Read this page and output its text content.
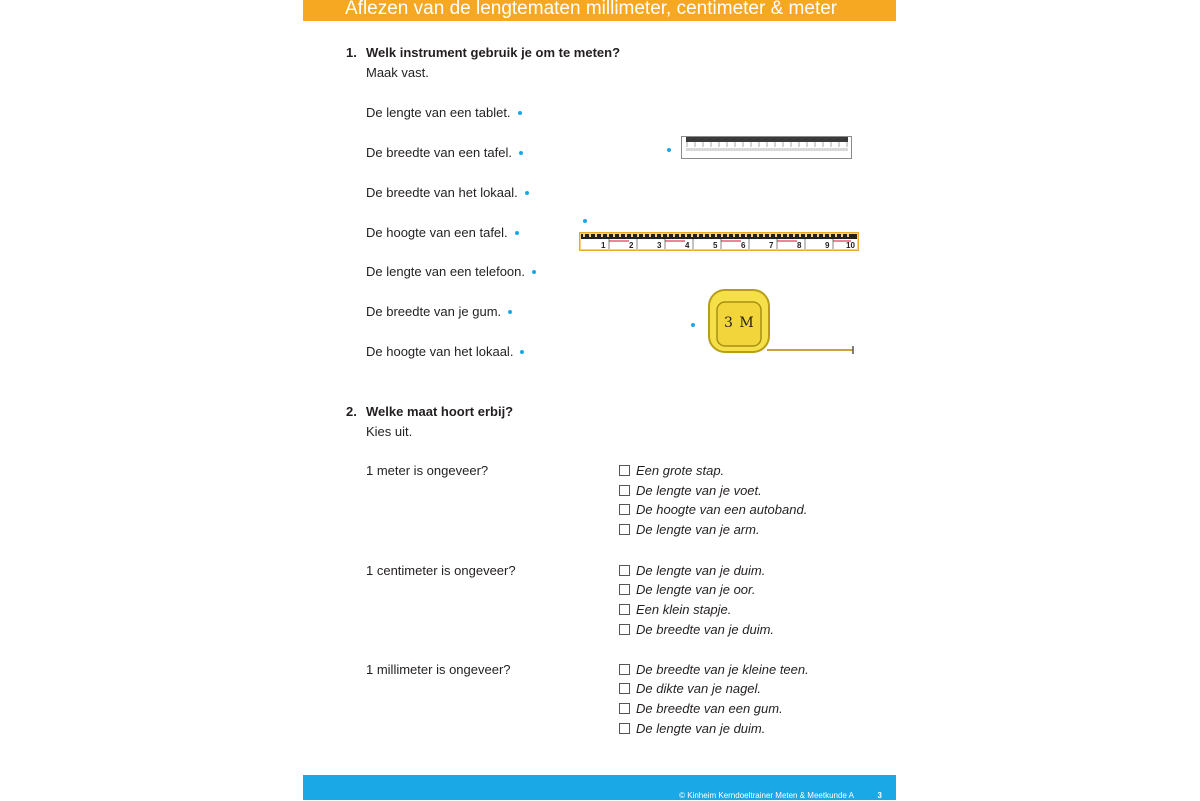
Aflezen van de lengtematen millimeter, centimeter & meter
1. Welk instrument gebruik je om te meten?
Maak vast.
De lengte van een tablet.
De breedte van een tafel.
De breedte van het lokaal.
De hoogte van een tafel.
De lengte van een telefoon.
De breedte van je gum.
De hoogte van het lokaal.
1	2	3	4	5	6	7	8	9 10
3 M
2. Welke maat hoort erbij?
Kies uit.
1 meter is ongeveer?	Een grote stap.
De lengte van je voet.
De hoogte van een autoband.
De lengte van je arm.
1 centimeter is ongeveer?	De lengte van je duim.
De lengte van je oor.
Een klein stapje.
De breedte van je duim.
1 millimeter is ongeveer?	De breedte van je kleine teen.
De dikte van je nagel.
De breedte van een gum.
De lengte van je duim.
© Kinheim Kerndoeltrainer Meten & Meetkunde A	3
